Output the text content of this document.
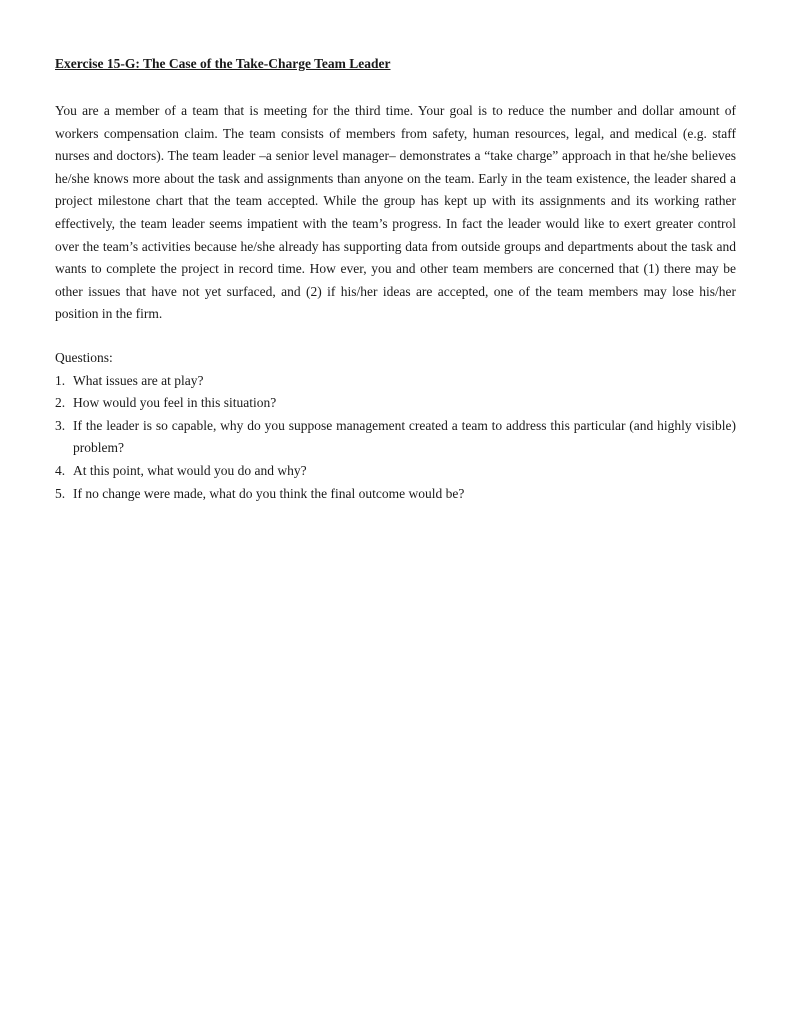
Exercise 15-G: The Case of the Take-Charge Team Leader

You are a member of a team that is meeting for the third time. Your goal is to reduce the number and dollar amount of workers compensation claim. The team consists of members from safety, human resources, legal, and medical (e.g. staff nurses and doctors). The team leader –a senior level manager– demonstrates a “take charge” approach in that he/she believes he/she knows more about the task and assignments than anyone on the team. Early in the team existence, the leader shared a project milestone chart that the team accepted. While the group has kept up with its assignments and its working rather effectively, the team leader seems impatient with the team’s progress. In fact the leader would like to exert greater control over the team’s activities because he/she already has supporting data from outside groups and departments about the task and wants to complete the project in record time. How ever, you and other team members are concerned that (1) there may be other issues that have not yet surfaced, and (2) if his/her ideas are accepted, one of the team members may lose his/her position in the firm.

Questions:

1. What issues are at play?
2. How would you feel in this situation?
3. If the leader is so capable, why do you suppose management created a team to address this particular (and highly visible) problem?
4. At this point, what would you do and why?
5. If no change were made, what do you think the final outcome would be?
